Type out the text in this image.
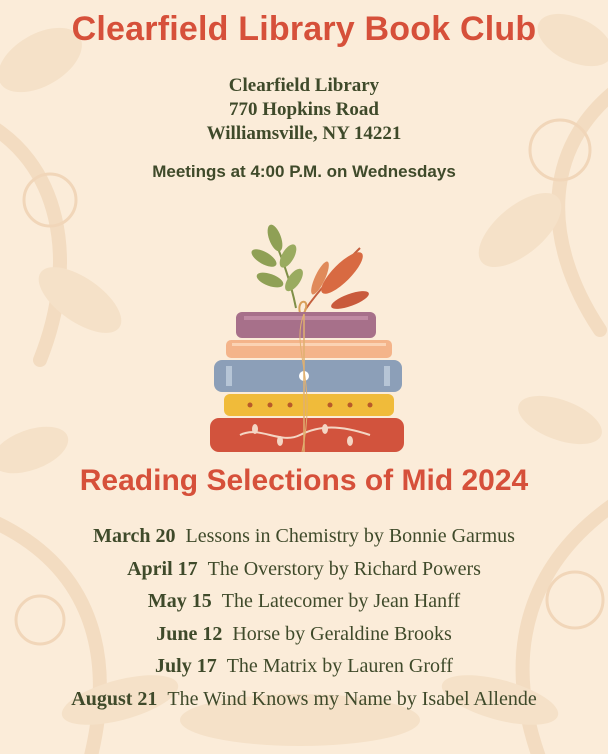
Clearfield Library Book Club
Clearfield Library
770 Hopkins Road
Williamsville, NY 14221
Meetings at 4:00 P.M. on Wednesdays
Reading Selections of Mid 2024
March 20 Lessons in Chemistry by Bonnie Garmus
April 17 The Overstory by Richard Powers
May 15 The Latecomer by Jean Hanff
June 12 Horse by Geraldine Brooks
July 17 The Matrix by Lauren Groff
August 21 The Wind Knows my Name by Isabel Allende
